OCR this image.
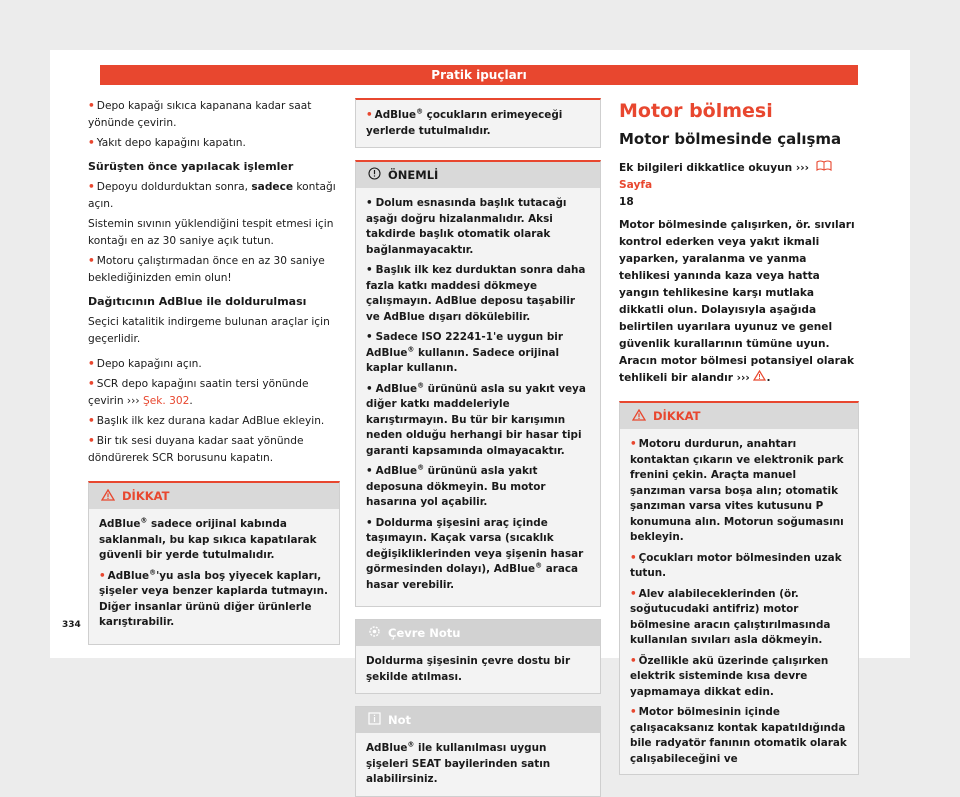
Pratik ipuçları

• Depo kapağı sıkıca kapanana kadar saat yönünde çevirin.

• Yakıt depo kapağını kapatın.

Sürüşten önce yapılacak işlemler

• Depoyu doldurduktan sonra, sadece kontağı açın.

Sistemin sıvının yüklendiğini tespit etmesi için kontağı en az 30 saniye açık tutun.

• Motoru çalıştırmadan önce en az 30 saniye beklediğinizden emin olun!

Dağıtıcının AdBlue ile doldurulması

Seçici katalitik indirgeme bulunan araçlar için geçerlidir.

• Depo kapağını açın.

• SCR depo kapağını saatin tersi yönünde çevirin ››› Şek. 302.

• Başlık ilk kez durana kadar AdBlue ekleyin.

• Bir tık sesi duyana kadar saat yönünde döndürerek SCR borusunu kapatın.

DİKKAT
AdBlue® sadece orijinal kabında saklanmalı, bu kap sıkıca kapatılarak güvenli bir yerde tutulmalıdır.
• AdBlue®'yu asla boş yiyecek kapları, şişeler veya benzer kaplarda tutmayın. Diğer insanlar ürünü diğer ürünlerle karıştırabilir.
• AdBlue® çocukların erimeyeceği yerlerde tutulmalıdır.
ÖNEMLİ
• Dolum esnasında başlık tutacağı aşağı doğru hizalanmalıdır. Aksi takdirde başlık otomatik olarak bağlanmayacaktır.
• Başlık ilk kez durduktan sonra daha fazla katkı maddesi dökmeye çalışmayın. AdBlue deposu taşabilir ve AdBlue dışarı dökülebilir.
• Sadece ISO 22241-1'e uygun bir AdBlue® kullanın. Sadece orijinal kaplar kullanın.
• AdBlue® ürününü asla su yakıt veya diğer katkı maddeleriyle karıştırmayın. Bu tür bir karışımın neden olduğu herhangi bir hasar tipi garanti kapsamında olmayacaktır.
• AdBlue® ürününü asla yakıt deposuna dökmeyin. Bu motor hasarına yol açabilir.
• Doldurma şişesini araç içinde taşımayın. Kaçak varsa (sıcaklık değişikliklerinden veya şişenin hasar görmesinden dolayı), AdBlue® araca hasar verebilir.
Çevre Notu
Doldurma şişesinin çevre dostu bir şekilde atılması.
Not
AdBlue® ile kullanılması uygun şişeleri SEAT bayilerinden satın alabilirsiniz.

Motor bölmesi

Motor bölmesinde çalışma

Ek bilgileri dikkatlice okuyun ››› Sayfa
18

Motor bölmesinde çalışırken, ör. sıvıları kontrol ederken veya yakıt ikmali yaparken, yaralanma ve yanma tehlikesi yanında kaza veya hatta yangın tehlikesine karşı mutlaka dikkatli olun. Dolayısıyla aşağıda belirtilen uyarılara uyunuz ve genel güvenlik kurallarının tümüne uyun. Aracın motor bölmesi potansiyel olarak tehlikeli bir alandır ››› .

DİKKAT
• Motoru durdurun, anahtarı kontaktan çıkarın ve elektronik park frenini çekin. Araçta manuel şanzıman varsa boşa alın; otomatik şanzıman varsa vites kutusunu P konumuna alın. Motorun soğumasını bekleyin.
• Çocukları motor bölmesinden uzak tutun.
• Alev alabileceklerinden (ör. soğutucudaki antifriz) motor bölmesine aracın çalıştırılmasında kullanılan sıvıları asla dökmeyin.
• Özellikle akü üzerinde çalışırken elektrik sisteminde kısa devre yapmamaya dikkat edin.
• Motor bölmesinin içinde çalışacaksanız kontak kapatıldığında bile radyatör fanının otomatik olarak çalışabileceğini ve
334
